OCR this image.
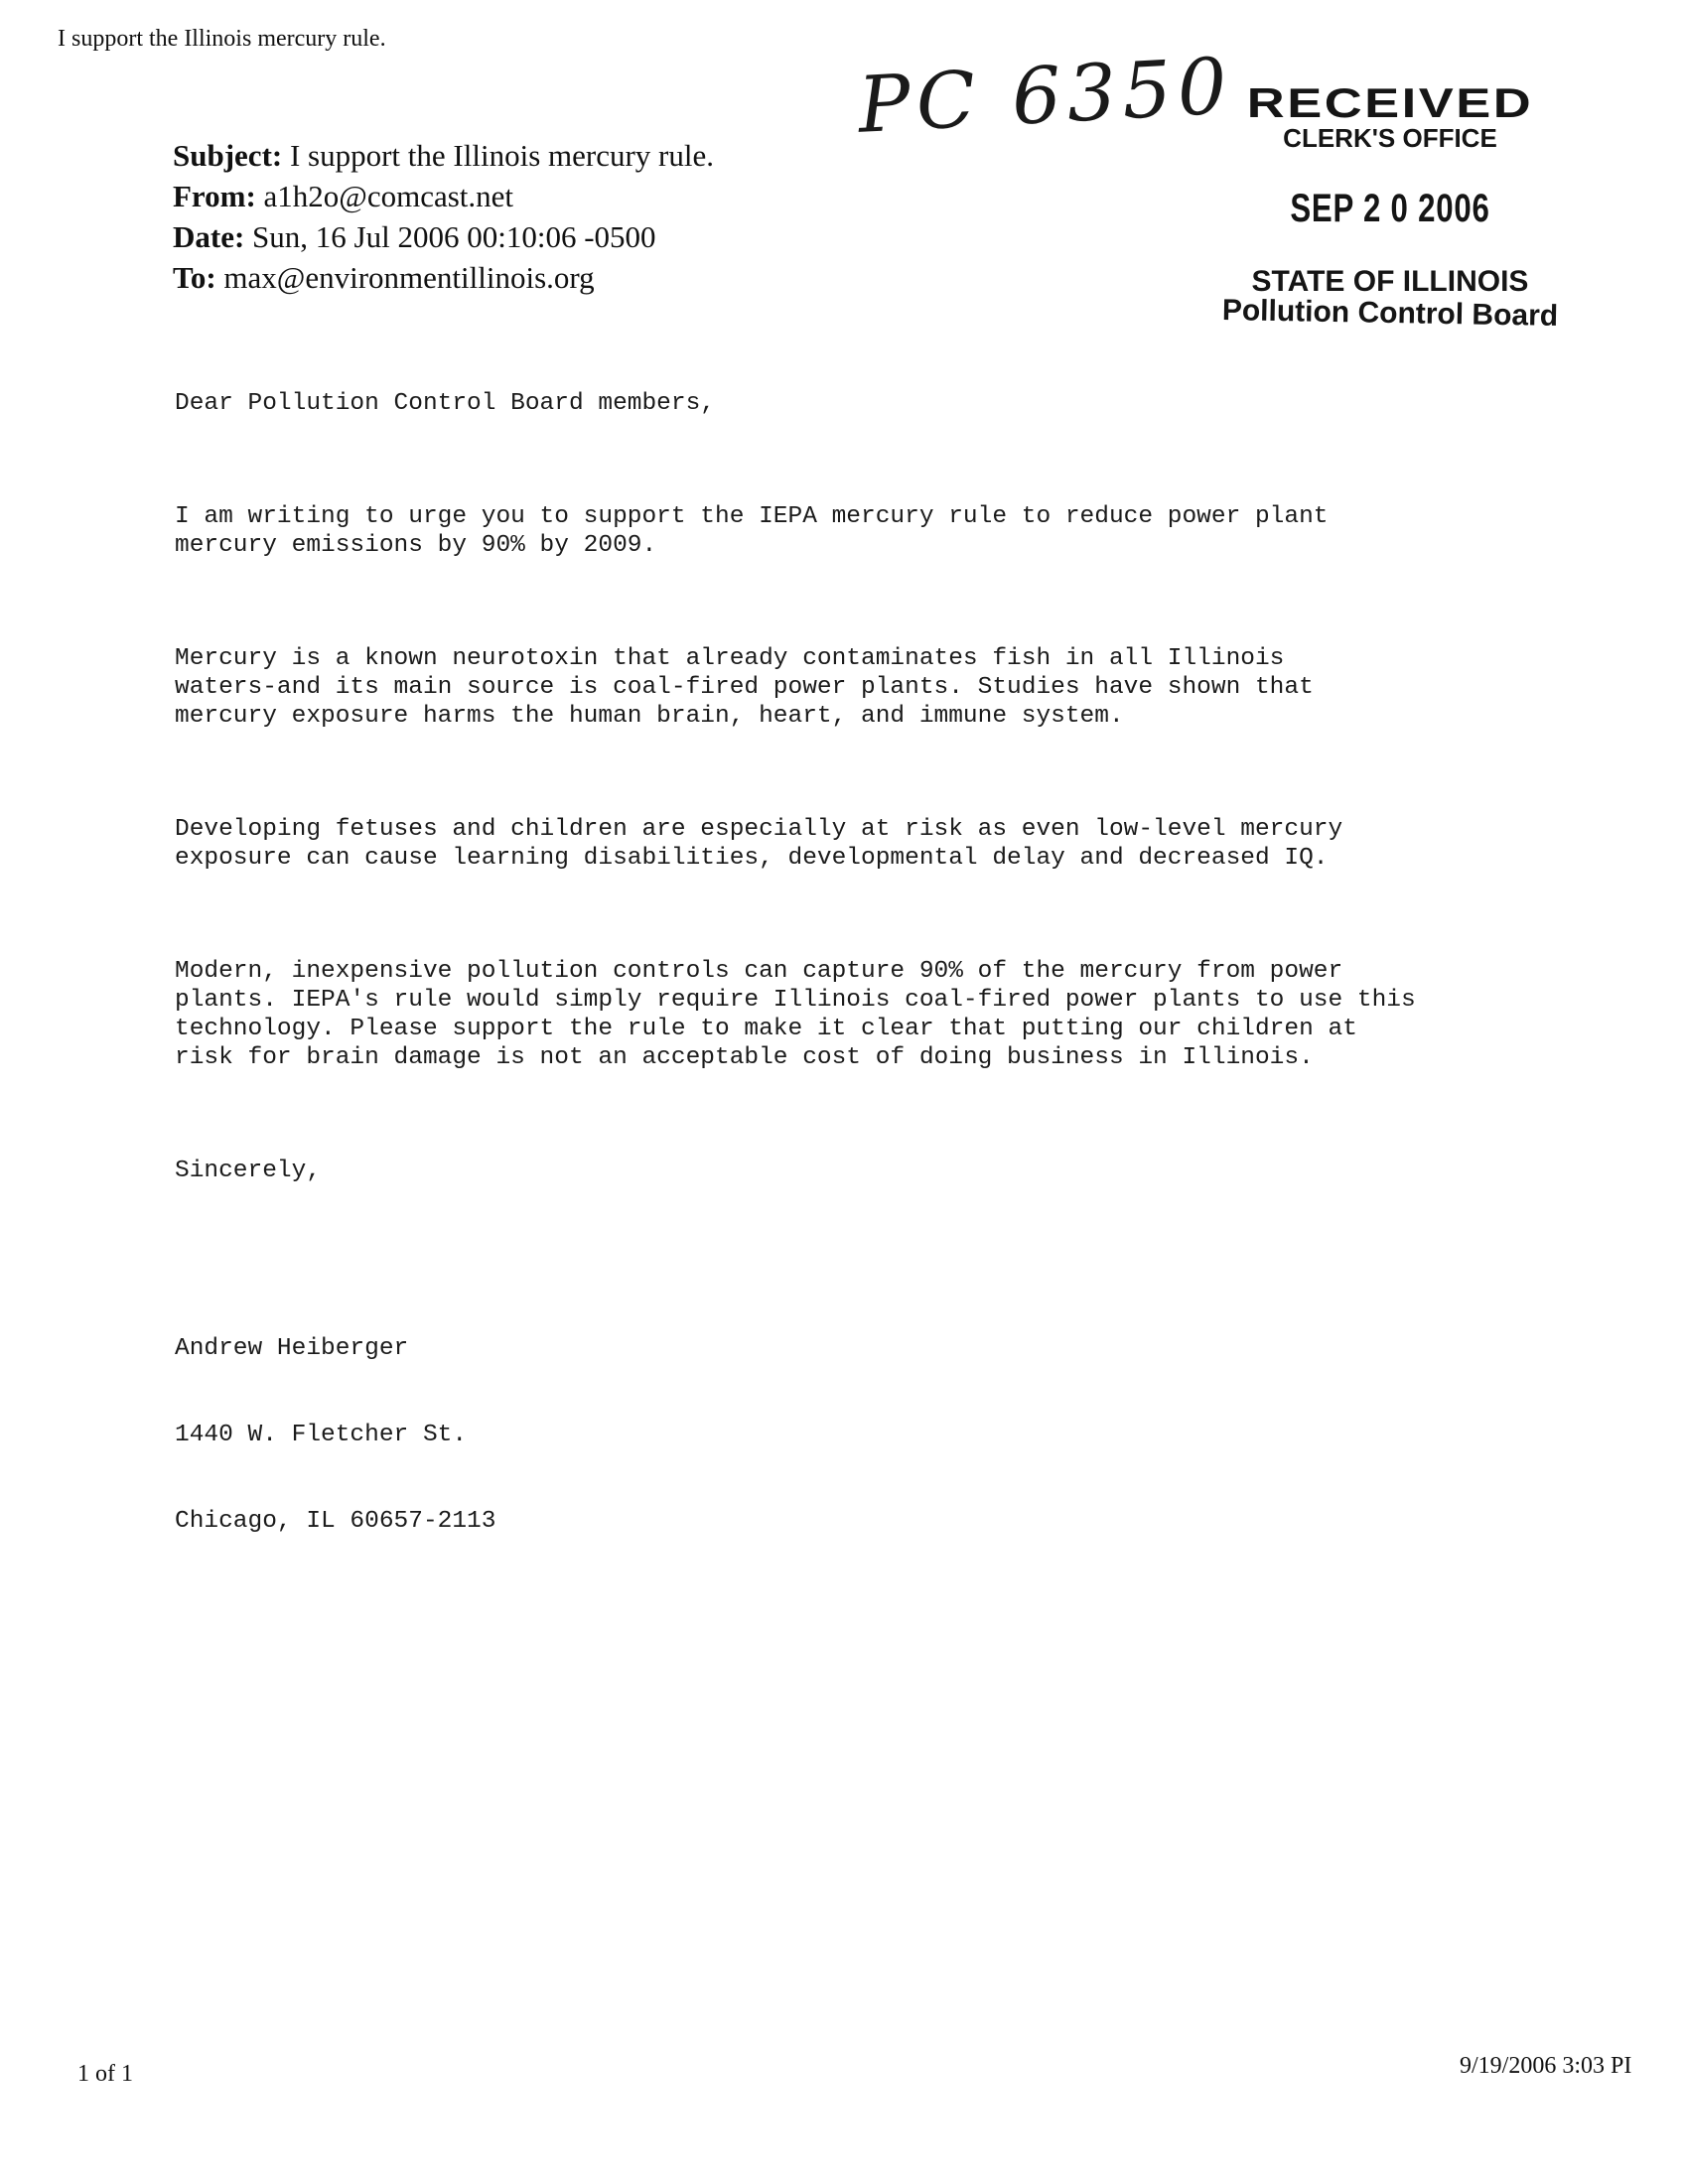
I support the Illinois mercury rule.
PC 6350 RECEIVED
CLERK'S OFFICE
SEP 2 0 2006
STATE OF ILLINOIS
Pollution Control Board
Subject: I support the Illinois mercury rule.
From: a1h2o@comcast.net
Date: Sun, 16 Jul 2006 00:10:06 -0500
To: max@environmentillinois.org

Dear Pollution Control Board members,

I am writing to urge you to support the IEPA mercury rule to reduce power plant
mercury emissions by 90% by 2009.

Mercury is a known neurotoxin that already contaminates fish in all Illinois
waters-and its main source is coal-fired power plants. Studies have shown that
mercury exposure harms the human brain, heart, and immune system.

Developing fetuses and children are especially at risk as even low-level mercury
exposure can cause learning disabilities, developmental delay and decreased IQ.

Modern, inexpensive pollution controls can capture 90% of the mercury from power
plants. IEPA's rule would simply require Illinois coal-fired power plants to use this
technology. Please support the rule to make it clear that putting our children at
risk for brain damage is not an acceptable cost of doing business in Illinois.

Sincerely,

Andrew Heiberger

1440 W. Fletcher St.

Chicago, IL 60657-2113

1 of 1	9/19/2006 3:03 PI
